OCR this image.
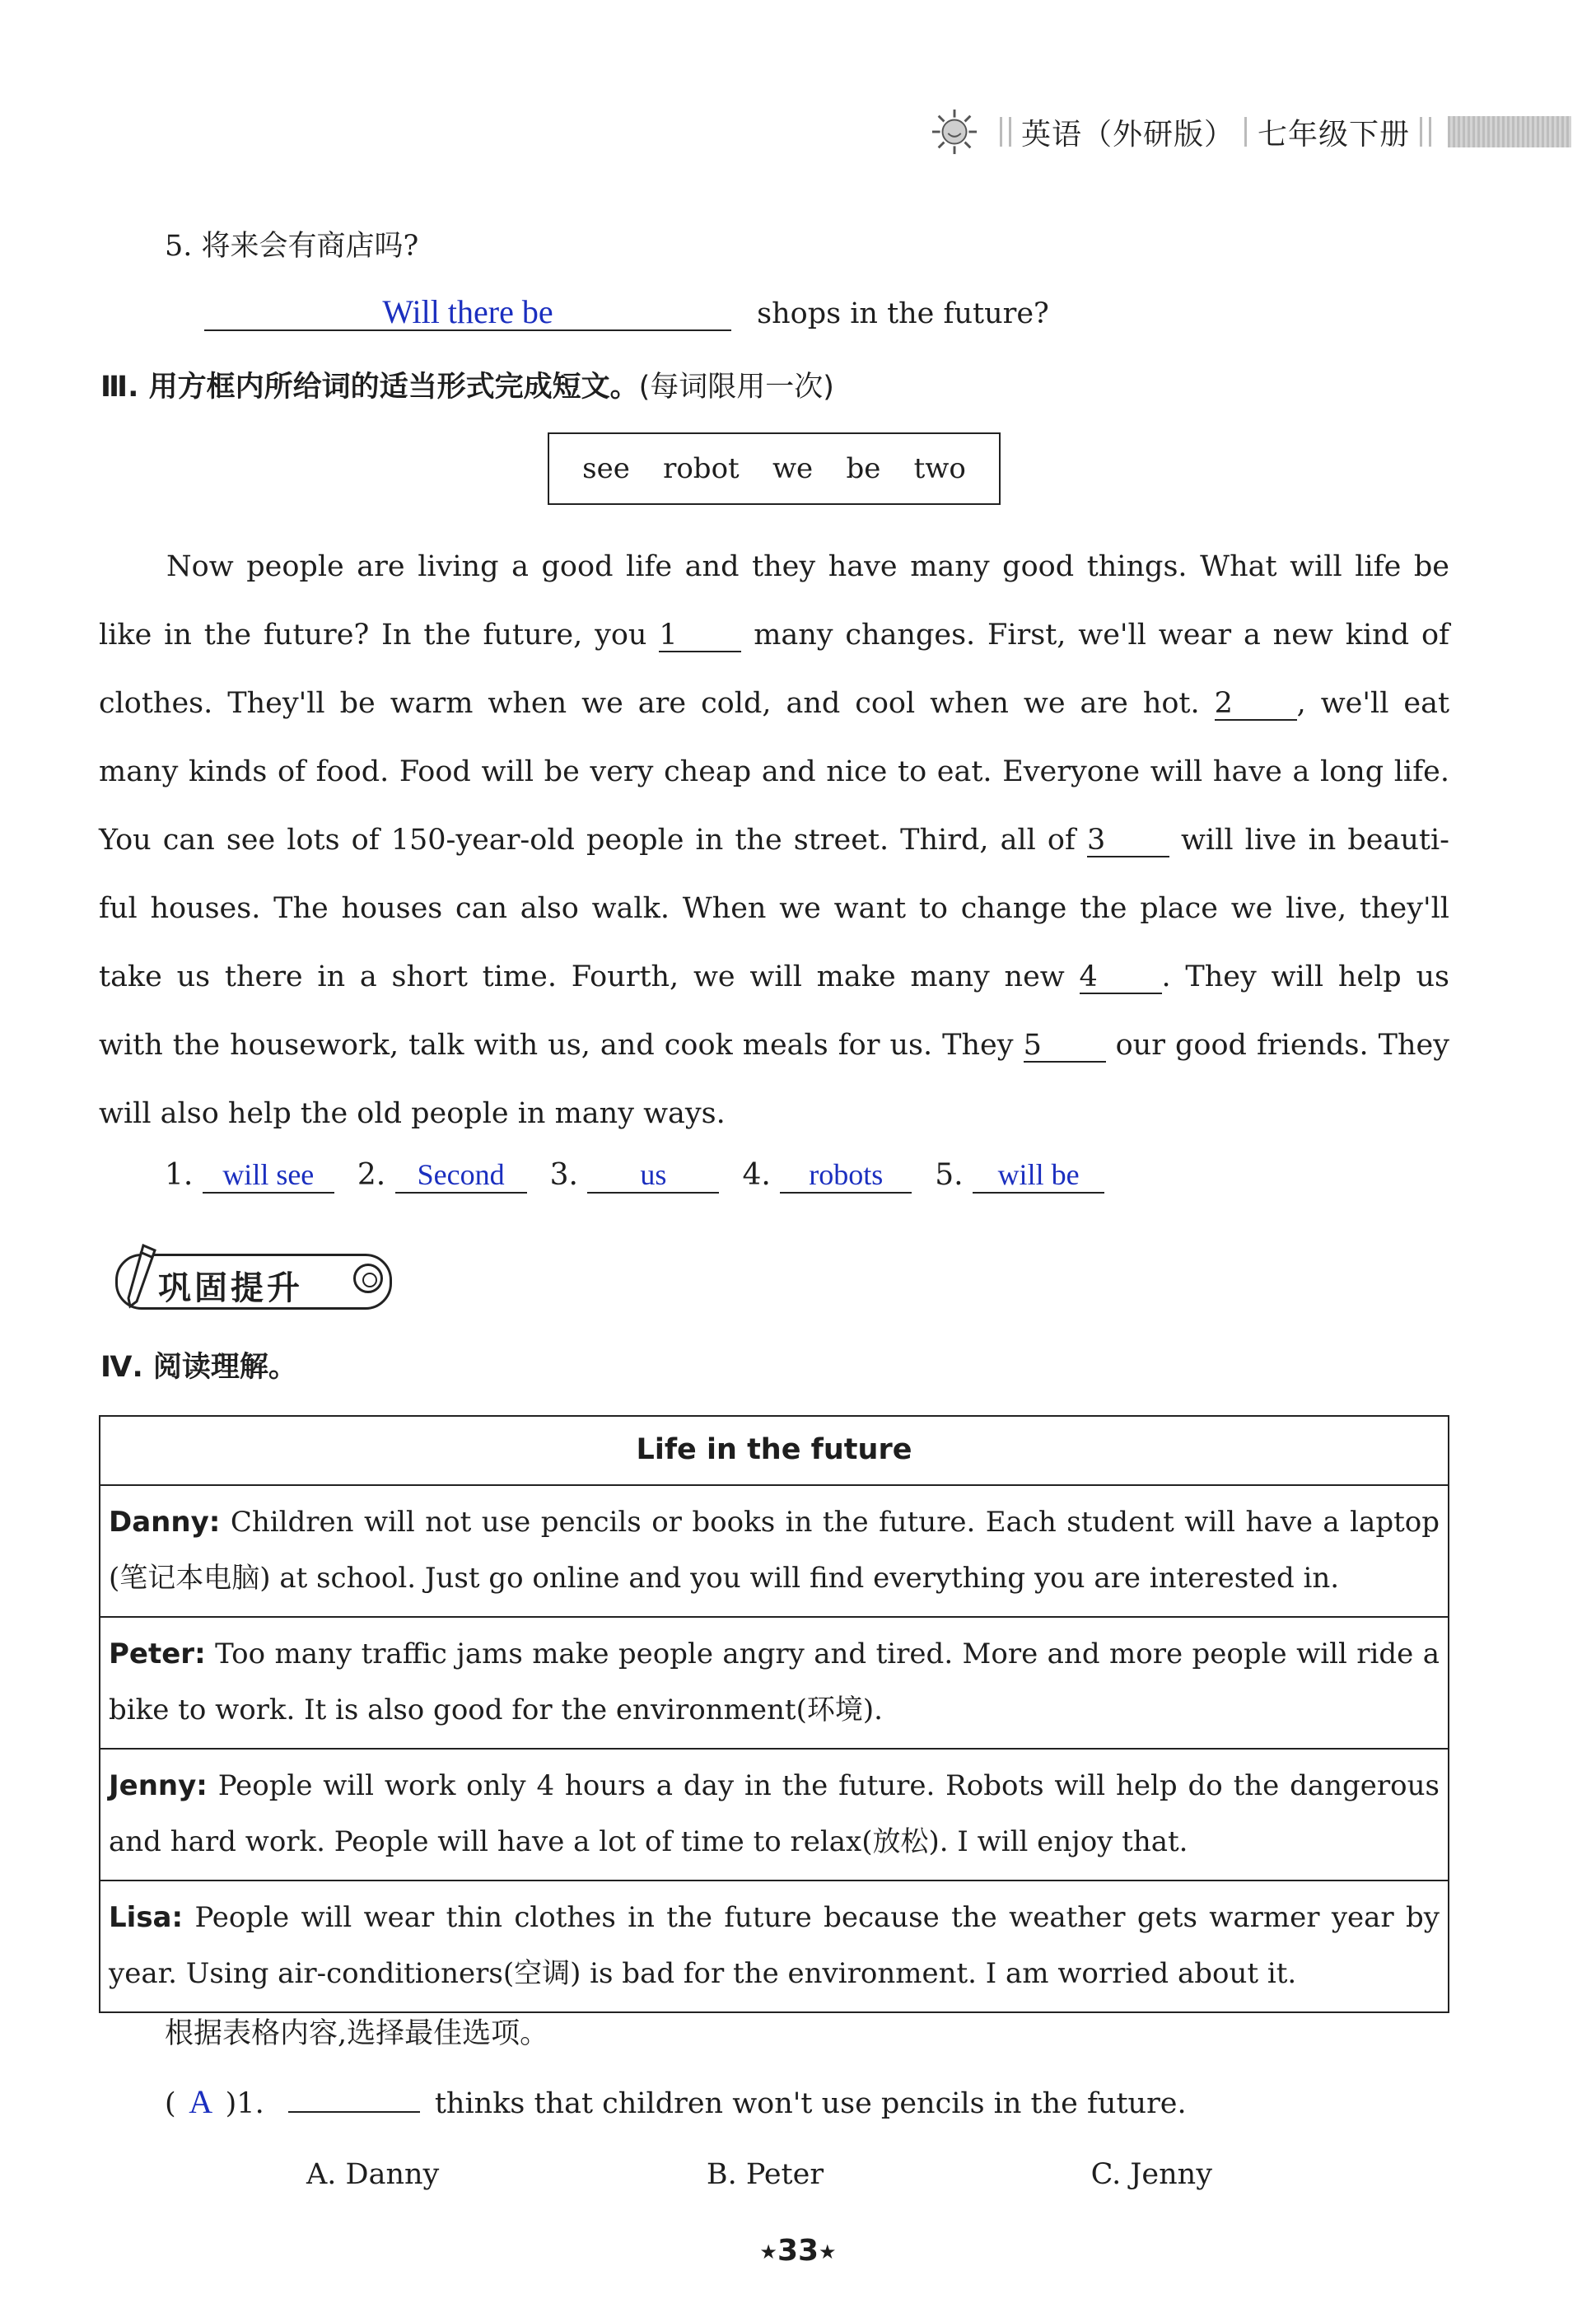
英语（外研版） 七年级下册
5. 将来会有商店吗?
Will there be	shops in the future?
Ⅲ. 用方框内所给词的适当形式完成短文。(每词限用一次)
see robot we be two
Now people are living a good life and they have many good things. What will life be
like in the future? In the future, you 1 many changes. First, we'll wear a new kind of
clothes. They'll be warm when we are cold, and cool when we are hot. 2 , we'll eat
many kinds of food. Food will be very cheap and nice to eat. Everyone will have a long life.
You can see lots of 150-year-old people in the street. Third, all of 3 will live in beauti-
ful houses. The houses can also walk. When we want to change the place we live, they'll
take us there in a short time. Fourth, we will make many new 4 . They will help us
with the housework, talk with us, and cook meals for us. They 5 our good friends. They
will also help the old people in many ways.
1. will see	2. Second	3. us	4. robots	5. will be
巩固提升
Ⅳ. 阅读理解。
Life in the future
Danny: Children will not use pencils or books in the future. Each student will have a laptop (笔记本电脑) at school. Just go online and you will find everything you are interested in.
Peter: Too many traffic jams make people angry and tired. More and more people will ride a bike to work. It is also good for the environment(环境).
Jenny: People will work only 4 hours a day in the future. Robots will help do the dangerous and hard work. People will have a lot of time to relax(放松). I will enjoy that.
Lisa: People will wear thin clothes in the future because the weather gets warmer year by year. Using air-conditioners(空调) is bad for the environment. I am worried about it.
根据表格内容,选择最佳选项。
( A )1.	thinks that children won't use pencils in the future.
A. Danny	B. Peter	C. Jenny
★33★
